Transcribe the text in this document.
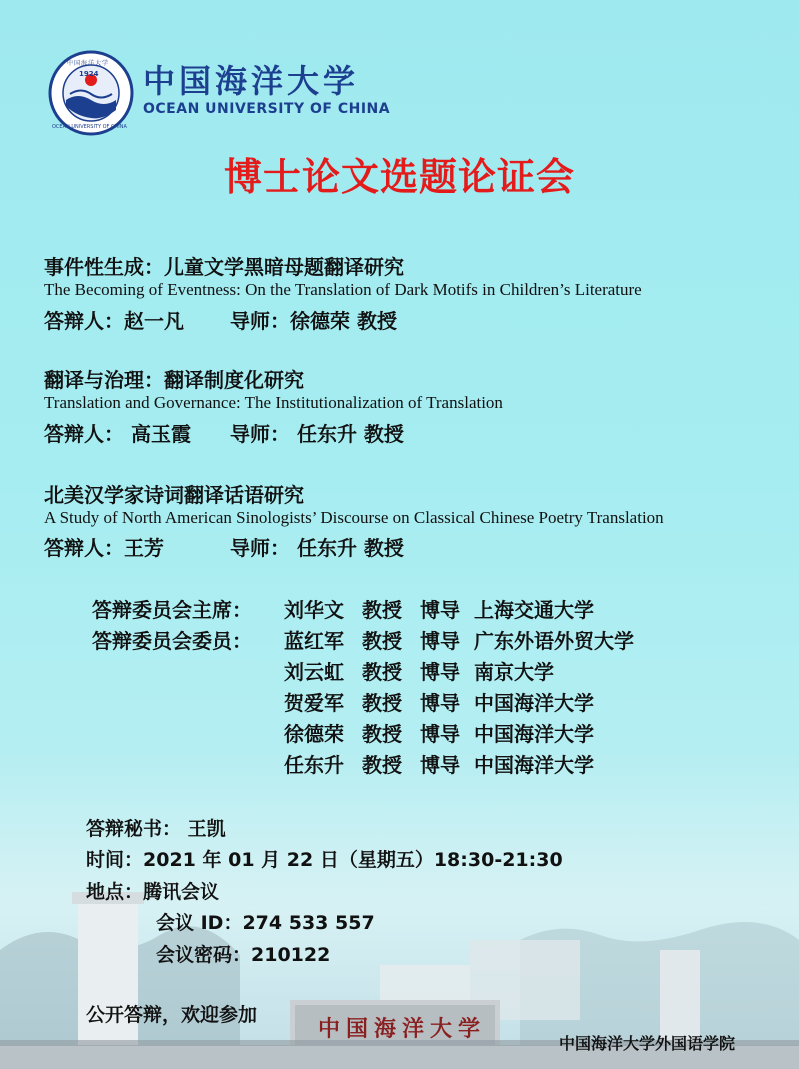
中国海洋大学
1924
中国海洋大学
OCEAN UNIVERSITY OF CHINA
中国海洋大学
OCEAN UNIVERSITY OF CHINA
博士论文选题论证会
事件性生成：儿童文学黑暗母题翻译研究
The Becoming of Eventness: On the Translation of Dark Motifs in Children’s Literature
答辩人：赵一凡 导师：徐德荣 教授
翻译与治理：翻译制度化研究
Translation and Governance: The Institutionalization of Translation
答辩人： 高玉霞 导师： 任东升 教授
北美汉学家诗词翻译话语研究
A Study of North American Sinologists’ Discourse on Classical Chinese Poetry Translation
答辩人：王芳	导师： 任东升 教授
答辩委员会主席：
答辩委员会委员：
刘华文 教授 博导 上海交通大学
蓝红军 教授 博导 广东外语外贸大学
刘云虹 教授 博导 南京大学
贺爱军 教授 博导 中国海洋大学
徐德荣 教授 博导 中国海洋大学
任东升 教授 博导 中国海洋大学
答辩秘书： 王凯
时间：2021 年 01 月 22 日（星期五）18:30-21:30
地点：腾讯会议
会议 ID：274 533 557
会议密码：210122
公开答辩，欢迎参加
中国海洋大学外国语学院
